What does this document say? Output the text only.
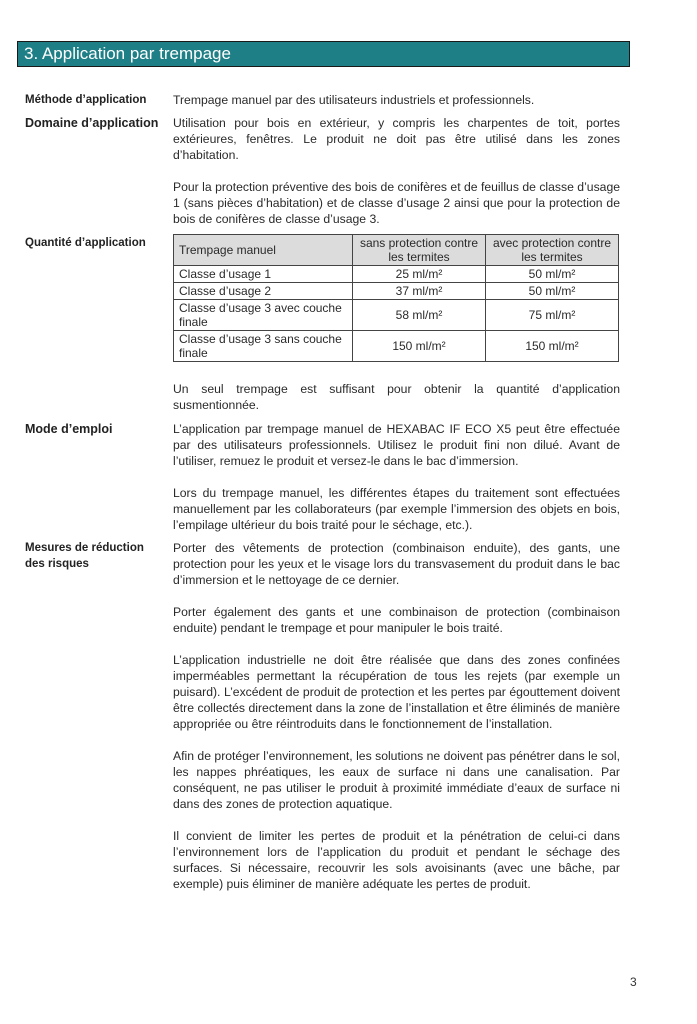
3. Application par trempage
Méthode d’application	Trempage manuel par des utilisateurs industriels et professionnels.

Domaine d’application	Utilisation pour bois en extérieur, y compris les charpentes de toit, portes extérieures, fenêtres. Le produit ne doit pas être utilisé dans les zones d’habitation.

Pour la protection préventive des bois de conifères et de feuillus de classe d’usage 1 (sans pièces d’habitation) et de classe d’usage 2 ainsi que pour la protection de bois de conifères de classe d’usage 3.

Quantité d’application	Trempage manuel	sans protection contre les termites	avec protection contre les termites
Classe d’usage 1	25 ml/m²	50 ml/m²
Classe d’usage 2	37 ml/m²	50 ml/m²
Classe d’usage 3 avec couche finale	58 ml/m²	75 ml/m²
Classe d’usage 3 sans couche finale	150 ml/m²	150 ml/m²

Un seul trempage est suffisant pour obtenir la quantité d’application susmentionnée.

Mode d’emploi	L’application par trempage manuel de HEXABAC IF ECO X5 peut être effectuée par des utilisateurs professionnels. Utilisez le produit fini non dilué. Avant de l’utiliser, remuez le produit et versez-le dans le bac d’immersion.

Lors du trempage manuel, les différentes étapes du traitement sont effectuées manuellement par les collaborateurs (par exemple l’immersion des objets en bois, l’empilage ultérieur du bois traité pour le séchage, etc.).

Mesures de réduction des risques

Porter des vêtements de protection (combinaison enduite), des gants, une protection pour les yeux et le visage lors du transvasement du produit dans le bac d’immersion et le nettoyage de ce dernier.

Porter également des gants et une combinaison de protection (combinaison enduite) pendant le trempage et pour manipuler le bois traité.

L’application industrielle ne doit être réalisée que dans des zones confinées imperméables permettant la récupération de tous les rejets (par exemple un puisard). L’excédent de produit de protection et les pertes par égouttement doivent être collectés directement dans la zone de l’installation et être éliminés de manière appropriée ou être réintroduits dans le fonctionnement de l’installation.

Afin de protéger l’environnement, les solutions ne doivent pas pénétrer dans le sol, les nappes phréatiques, les eaux de surface ni dans une canalisation. Par conséquent, ne pas utiliser le produit à proximité immédiate d’eaux de surface ni dans des zones de protection aquatique.

Il convient de limiter les pertes de produit et la pénétration de celui-ci dans l’environnement lors de l’application du produit et pendant le séchage des surfaces. Si nécessaire, recouvrir les sols avoisinants (avec une bâche, par exemple) puis éliminer de manière adéquate les pertes de produit.

3
